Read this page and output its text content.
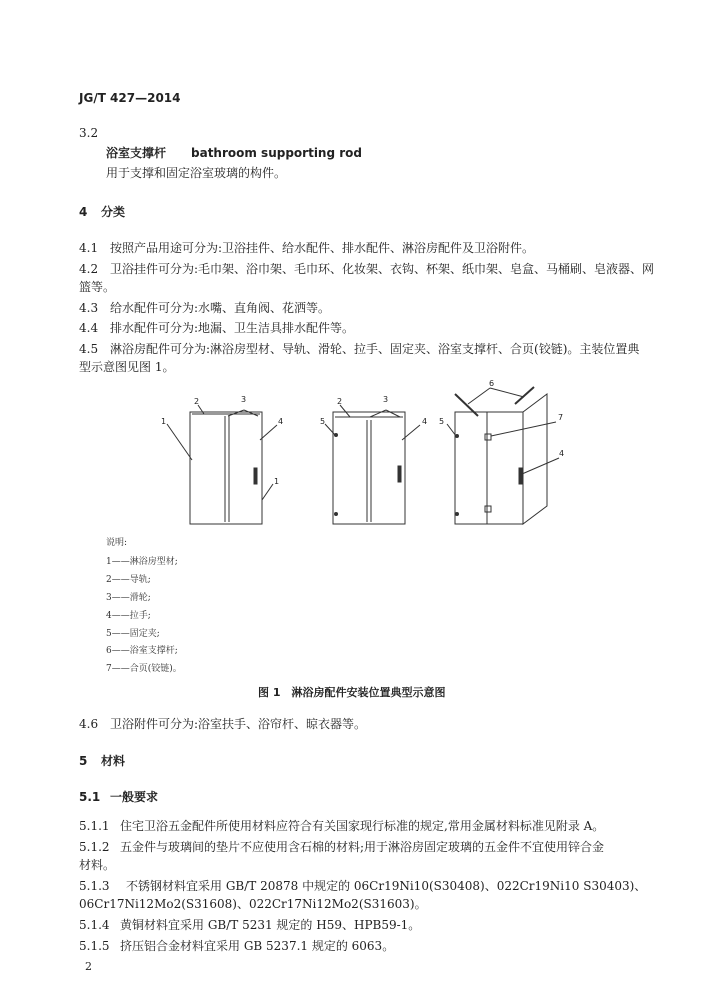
JG/T 427—2014
3.2
浴室支撑杆 bathroom supporting rod
用于支撑和固定浴室玻璃的构件。
4 分类
4.1 按照产品用途可分为:卫浴挂件、给水配件、排水配件、淋浴房配件及卫浴附件。
4.2 卫浴挂件可分为:毛巾架、浴巾架、毛巾环、化妆架、衣钩、杯架、纸巾架、皂盒、马桶刷、皂液器、网
篮等。
4.3 给水配件可分为:水嘴、直角阀、花洒等。
4.4 排水配件可分为:地漏、卫生洁具排水配件等。
4.5 淋浴房配件可分为:淋浴房型材、导轨、滑轮、拉手、固定夹、浴室支撑杆、合页(铰链)。主装位置典
型示意图见图 1。
1
2	3
4
1
5
2	3
4
6
5	7
4
说明:
1——淋浴房型材;
2——导轨;
3——滑轮;
4——拉手;
5——固定夹;
6——浴室支撑杆;
7——合页(铰链)。
图 1　淋浴房配件安装位置典型示意图
4.6 卫浴附件可分为:浴室扶手、浴帘杆、晾衣器等。
5 材料
5.1 一般要求
5.1.1 住宅卫浴五金配件所使用材料应符合有关国家现行标准的规定,常用金属材料标准见附录 A。
5.1.2 五金件与玻璃间的垫片不应使用含石棉的材料;用于淋浴房固定玻璃的五金件不宜使用锌合金
材料。
5.1.3 不锈钢材料宜采用 GB/T 20878 中规定的 06Cr19Ni10(S30408)、022Cr19Ni10 S30403)、
06Cr17Ni12Mo2(S31608)、022Cr17Ni12Mo2(S31603)。
5.1.4 黄铜材料宜采用 GB/T 5231 规定的 H59、HPB59-1。
5.1.5 挤压铝合金材料宜采用 GB 5237.1 规定的 6063。
2
